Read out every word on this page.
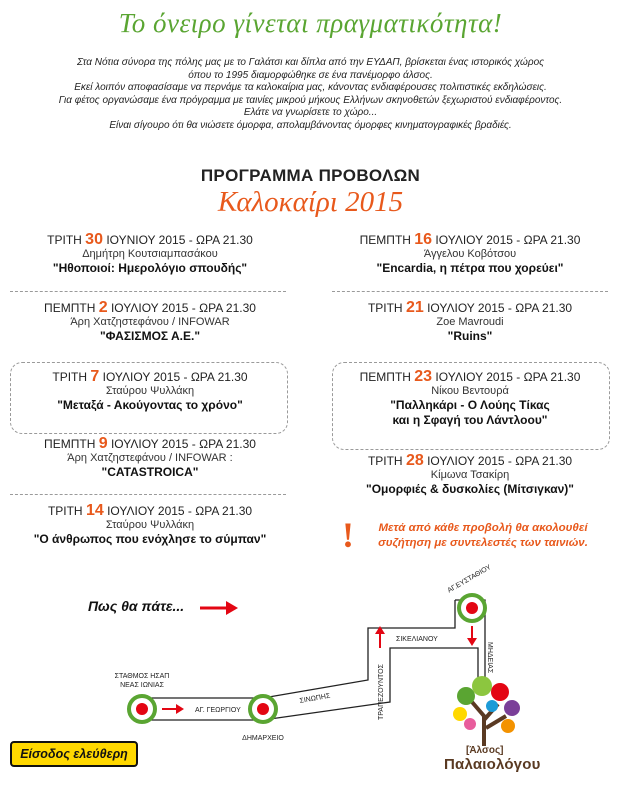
Το όνειρο γίνεται πραγματικότητα!
Στα Νότια σύνορα της πόλης μας με το Γαλάτσι και δίπλα από την ΕΥΔΑΠ, βρίσκεται ένας ιστορικός χώρος
όπου το 1995 διαμορφώθηκε σε ένα πανέμορφο άλσος.
Εκεί λοιπόν αποφασίσαμε να περνάμε τα καλοκαίρια μας, κάνοντας ενδιαφέρουσες πολιτιστικές εκδηλώσεις.
Για φέτος οργανώσαμε ένα πρόγραμμα με ταινίες μικρού μήκους Ελλήνων σκηνοθετών ξεχωριστού ενδιαφέροντος.
Ελάτε να γνωρίσετε το χώρο...
Είναι σίγουρο ότι θα νιώσετε όμορφα, απολαμβάνοντας όμορφες κινηματογραφικές βραδιές.
ΠΡΟΓΡΑΜΜΑ ΠΡΟΒΟΛΩΝ
Καλοκαίρι 2015
ΤΡΙΤΗ 30 ΙΟΥΝΙΟΥ 2015 - ΩΡΑ 21.30
Δημήτρη Κουτσιαμπασάκου
"Ηθοποιοί: Ημερολόγιο σπουδής"
ΠΕΜΠΤΗ 2 ΙΟΥΛΙΟΥ 2015 - ΩΡΑ 21.30
Άρη Χατζηστεφάνου / INFOWAR
"ΦΑΣΙΣΜΟΣ Α.Ε."
ΤΡΙΤΗ 7 ΙΟΥΛΙΟΥ 2015 - ΩΡΑ 21.30
Σταύρου Ψυλλάκη
"Μεταξά - Ακούγοντας το χρόνο"
ΠΕΜΠΤΗ 9 ΙΟΥΛΙΟΥ 2015 - ΩΡΑ 21.30
Άρη Χατζηστεφάνου / INFOWAR :
"CATASTROICA"
ΤΡΙΤΗ 14 ΙΟΥΛΙΟΥ 2015 - ΩΡΑ 21.30
Σταύρου Ψυλλάκη
"Ο άνθρωπος που ενόχλησε το σύμπαν"
ΠΕΜΠΤΗ 16 ΙΟΥΛΙΟΥ 2015 - ΩΡΑ 21.30
Άγγελου Κοβότσου
"Encardia, η πέτρα που χορεύει"
ΤΡΙΤΗ 21 ΙΟΥΛΙΟΥ 2015 - ΩΡΑ 21.30
Zoe Mavroudi
"Ruins"
ΠΕΜΠΤΗ 23 ΙΟΥΛΙΟΥ 2015 - ΩΡΑ 21.30
Νίκου Βεντουρά
"Παλληκάρι - Ο Λούης Τίκας
και η Σφαγή του Λάντλοου"
ΤΡΙΤΗ 28 ΙΟΥΛΙΟΥ 2015 - ΩΡΑ 21.30
Κίμωνα Τσακίρη
"Ομορφιές & δυσκολίες (Μίτσιγκαν)"
!	Μετά από κάθε προβολή θα ακολουθεί
συζήτηση με συντελεστές των ταινιών.
Πως θα πάτε...
ΣΤΑΘΜΟΣ ΗΣΑΠ
ΝΕΑΣ ΙΩΝΙΑΣ
ΑΓ. ΓΕΩΡΓΙΟΥ
ΔΗΜΑΡΧΕΙΟ
ΣΙΝΩΠΗΣ	ΤΡΑΠΕΖΟΥΝΤΟΣ
ΣΙΚΕΛΙΑΝΟΥ
ΑΓ.ΕΥΣΤΑΘΙΟΥ
ΜΗΔΕΙΑΣ
Είσοδος ελεύθερη	[Άλσος]
Παλαιολόγου
